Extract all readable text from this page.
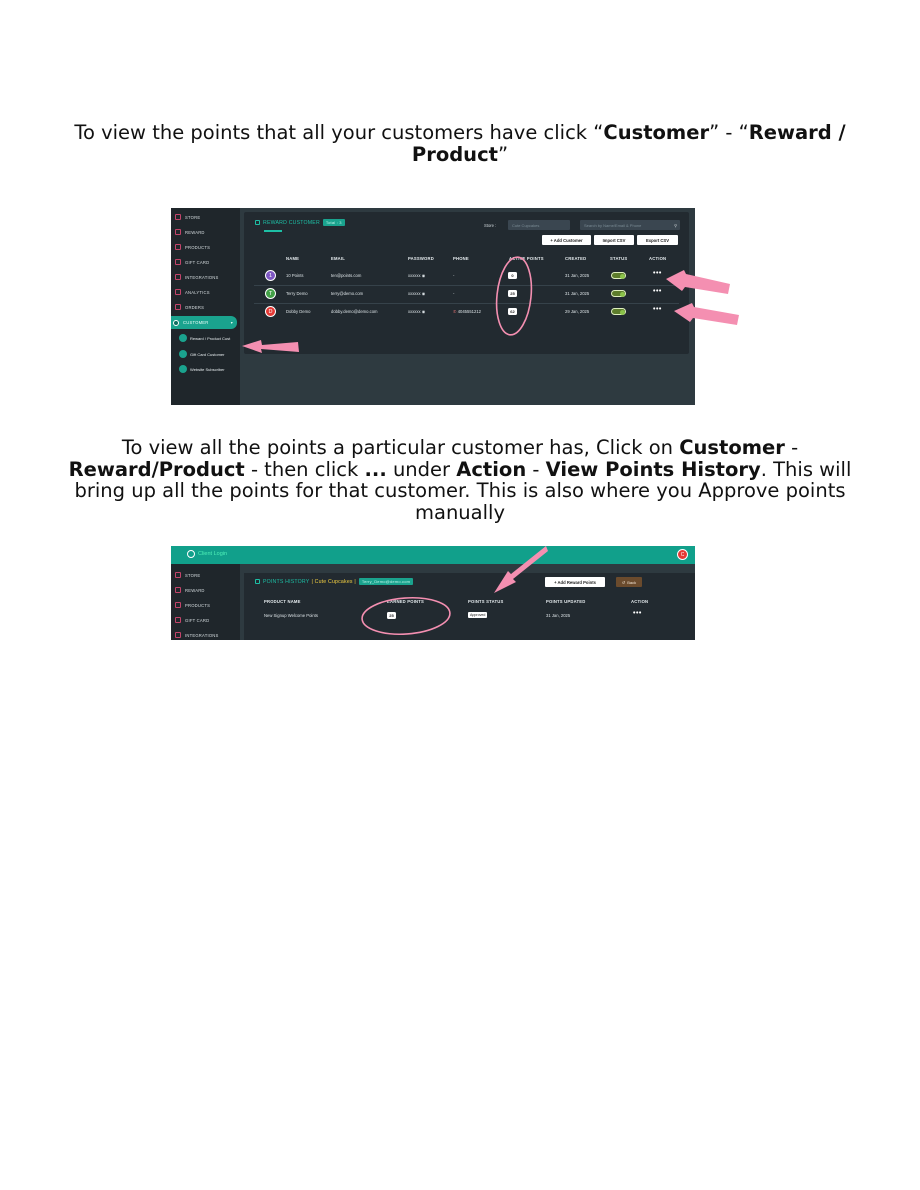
To view the points that all your customers have click “Customer” - “Reward / Product”
STORE
REWARD
PRODUCTS
GIFT CARD
INTEGRATIONS
ANALYTICS
ORDERS
CUSTOMER	▾
Reward / Product Cust
Gift Card Customer
Website Subscriber
REWARD CUSTOMER	Total : 3
Store :	Cute Cupcakes	Search by Name/Email & Phone	⚲
+ Add Customer	Import CSV	Export CSV
NAME	EMAIL	PASSWORD	PHONE	ACTIVE POINTS	CREATED	STATUS	ACTION
1	10 Points	ten@points.com	xxxxxx ◉	-	0	31 Jan, 2025	•••
T	Terry Demo	terry@demo.com	xxxxxx ◉	-	25	31 Jan, 2025	•••
D	Dobby Demo	dobby.demo@demo.com	xxxxxx ◉	✆ 4045551212	62	29 Jan, 2025	•••
To view all the points a particular customer has, Click on Customer - Reward/Product - then click ... under Action - View Points History. This will bring up all the points for that customer. This is also where you Approve points manually
Client Login	C
STORE
REWARD
PRODUCTS
GIFT CARD
INTEGRATIONS
POINTS HISTORY | Cute Cupcakes |	Terry_Demo@demo.com	+ Add Reward Points	↺ Back
PRODUCT NAME	EARNED POINTS	POINTS STATUS	POINTS UPDATED	ACTION
New Signup Welcome Points	25	Approved	31 Jan, 2025	•••
